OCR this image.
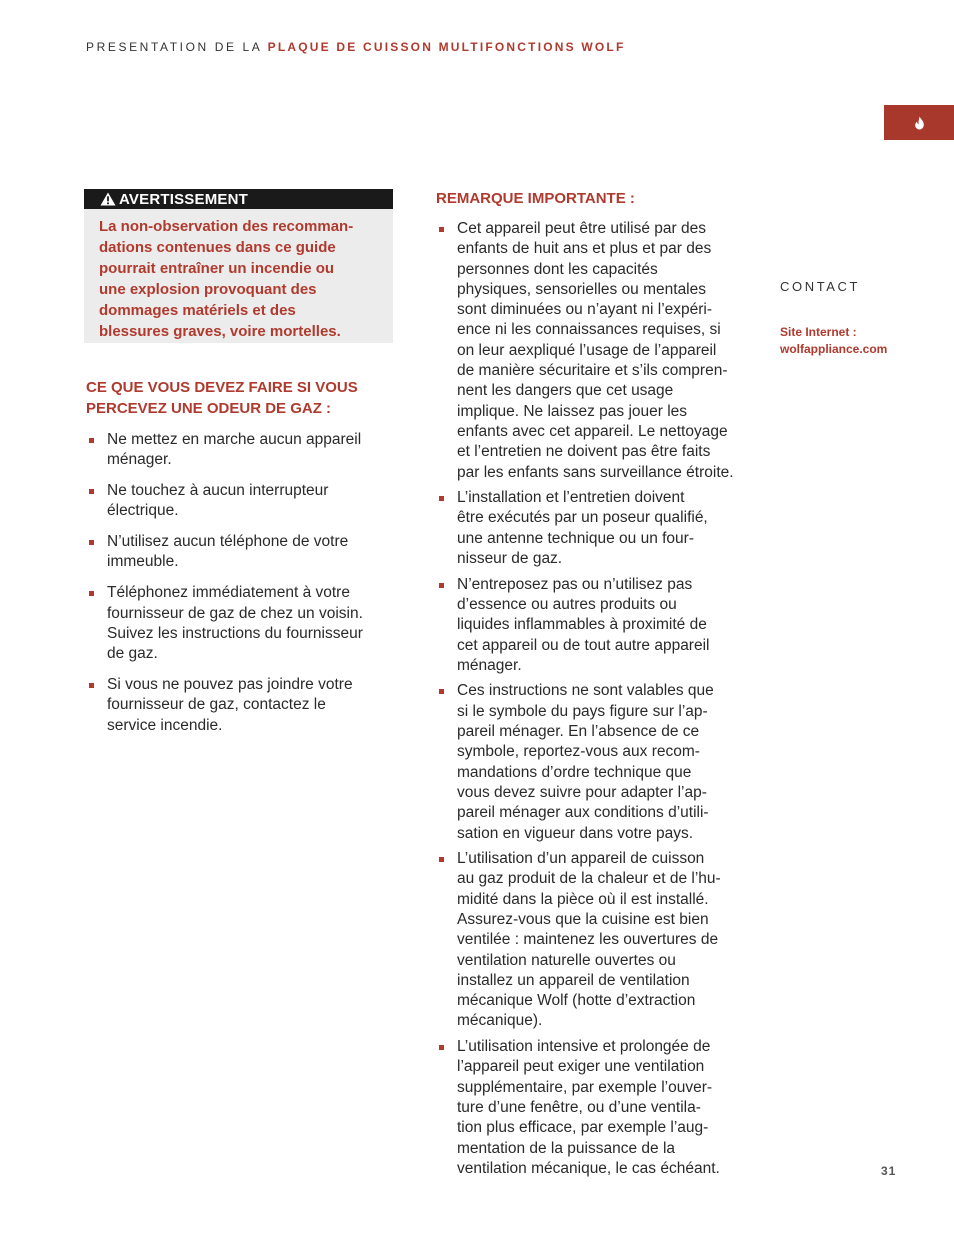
PRESENTATION DE LA PLAQUE DE CUISSON MULTIFONCTIONS WOLF
AVERTISSEMENT

La non-observation des recomman-
dations contenues dans ce guide
pourrait entraîner un incendie ou
une explosion provoquant des
dommages matériels et des
blessures graves, voire mortelles.

CE QUE VOUS DEVEZ FAIRE SI VOUS
PERCEVEZ UNE ODEUR DE GAZ :

Ne mettez en marche aucun appareil
ménager.
Ne touchez à aucun interrupteur
électrique.
N’utilisez aucun téléphone de votre
immeuble.
Téléphonez immédiatement à votre
fournisseur de gaz de chez un voisin.
Suivez les instructions du fournisseur
de gaz.
Si vous ne pouvez pas joindre votre
fournisseur de gaz, contactez le
service incendie.

REMARQUE IMPORTANTE :

Cet appareil peut être utilisé par des
enfants de huit ans et plus et par des
personnes dont les capacités
physiques, sensorielles ou mentales
sont diminuées ou n’ayant ni l’expéri-
ence ni les connaissances requises, si
on leur aexpliqué l’usage de l’appareil
de manière sécuritaire et s’ils compren-
nent les dangers que cet usage
implique. Ne laissez pas jouer les
enfants avec cet appareil. Le nettoyage
et l’entretien ne doivent pas être faits
par les enfants sans surveillance étroite.
L’installation et l’entretien doivent
être exécutés par un poseur qualifié,
une antenne technique ou un four-
nisseur de gaz.
N’entreposez pas ou n’utilisez pas
d’essence ou autres produits ou
liquides inflammables à proximité de
cet appareil ou de tout autre appareil
ménager.
Ces instructions ne sont valables que
si le symbole du pays figure sur l’ap-
pareil ménager. En l’absence de ce
symbole, reportez-vous aux recom-
mandations d’ordre technique que
vous devez suivre pour adapter l’ap-
pareil ménager aux conditions d’utili-
sation en vigueur dans votre pays.
L’utilisation d’un appareil de cuisson
au gaz produit de la chaleur et de l’hu-
midité dans la pièce où il est installé.
Assurez-vous que la cuisine est bien
ventilée : maintenez les ouvertures de
ventilation naturelle ouvertes ou
installez un appareil de ventilation
mécanique Wolf (hotte d’extraction
mécanique).
L’utilisation intensive et prolongée de
l’appareil peut exiger une ventilation
supplémentaire, par exemple l’ouver-
ture d’une fenêtre, ou d’une ventila-
tion plus efficace, par exemple l’aug-
mentation de la puissance de la
ventilation mécanique, le cas échéant.
CONTACT

Site Internet :
wolfappliance.com

31
